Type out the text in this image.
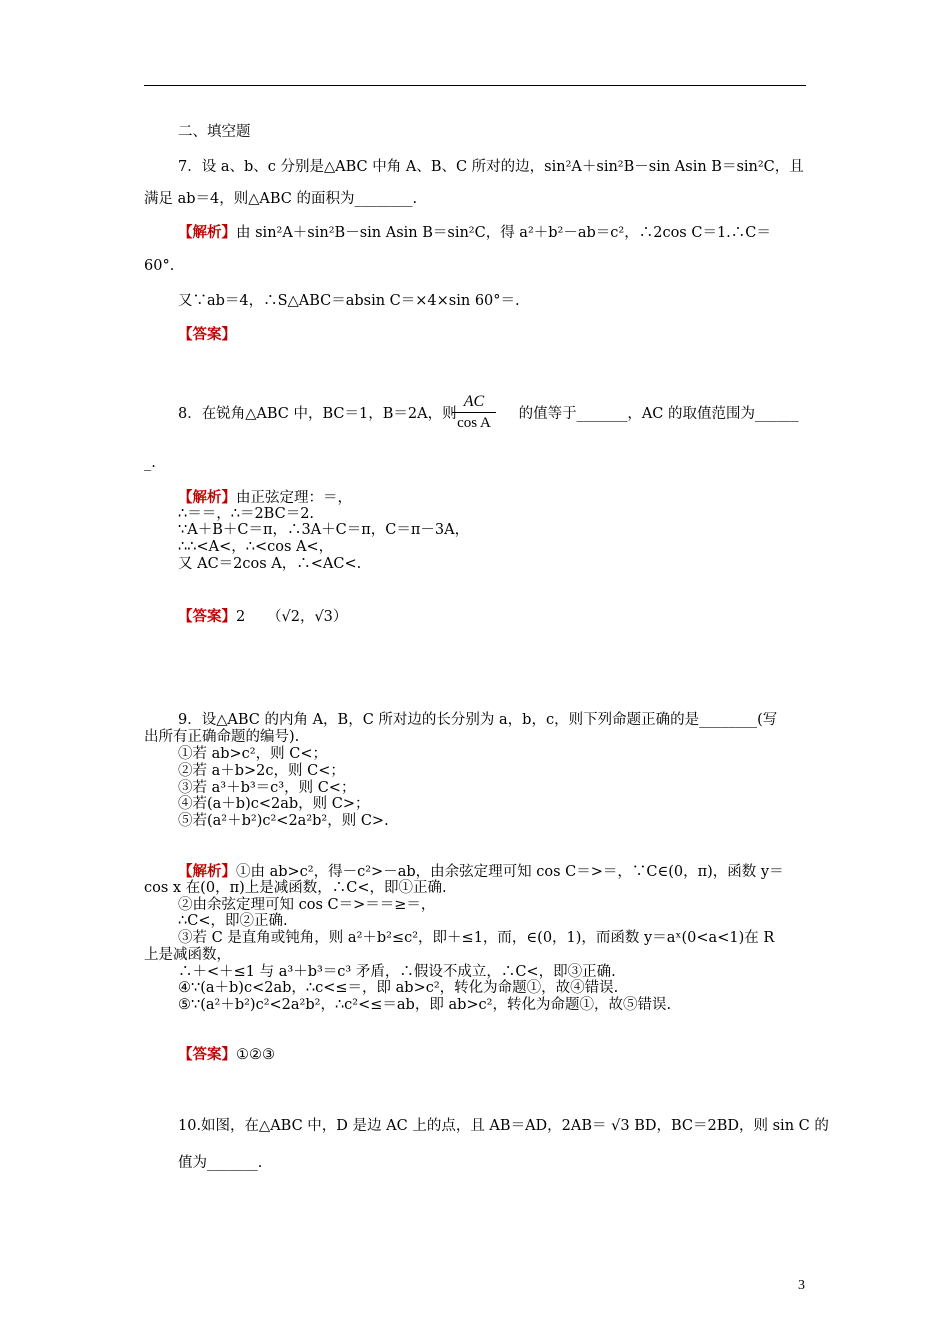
二、填空题
7．设 a、b、c 分别是△ABC 中角 A、B、C 所对的边，sin²A＋sin²B－sin Asin B＝sin²C，且
满足 ab＝4，则△ABC 的面积为________.
【解析】由 sin²A＋sin²B－sin Asin B＝sin²C，得 a²＋b²－ab＝c²，∴2cos C＝1.∴C＝
60°.
又∵ab＝4，∴S△ABC＝absin C＝×4×sin 60°＝.
【答案】
8．在锐角△ABC 中，BC＝1，B＝2A，则	的值等于_______，AC 的取值范围为______
$\frac{AC}{\text{cos A}}$
_.
【解析】由正弦定理：＝，
∴＝＝，∴＝2BC＝2.
∵A＋B＋C＝π，∴3A＋C＝π，C＝π－3A，
∴∴<A<，∴<cos A<，
又 AC＝2cos A，∴<AC<.
【答案】2　　（√2，√3）
9．设△ABC 的内角 A，B，C 所对边的长分别为 a，b，c，则下列命题正确的是________(写
出所有正确命题的编号).
①若 ab>c²，则 C<；
②若 a＋b>2c，则 C<；
③若 a³＋b³＝c³，则 C<；
④若(a＋b)c<2ab，则 C>；
⑤若(a²＋b²)c²<2a²b²，则 C>.
【解析】①由 ab>c²，得－c²>－ab，由余弦定理可知 cos C＝>＝，∵C∈(0，π)，函数 y＝
cos x 在(0，π)上是减函数，∴C<，即①正确.
②由余弦定理可知 cos C＝>＝＝≥＝，
∴C<，即②正确.
③若 C 是直角或钝角，则 a²＋b²≤c²，即＋≤1，而，∈(0，1)，而函数 y＝aˣ(0<a<1)在 R
上是减函数，
∴＋<＋≤1 与 a³＋b³＝c³ 矛盾，∴假设不成立，∴C<，即③正确.
④∵(a＋b)c<2ab，∴c<≤＝，即 ab>c²，转化为命题①，故④错误.
⑤∵(a²＋b²)c²<2a²b²，∴c²<≤＝ab，即 ab>c²，转化为命题①，故⑤错误.
【答案】①②③
10.如图，在△ABC 中，D 是边 AC 上的点，且 AB＝AD，2AB＝ √3 BD，BC＝2BD，则 sin C 的
值为_______.
3
